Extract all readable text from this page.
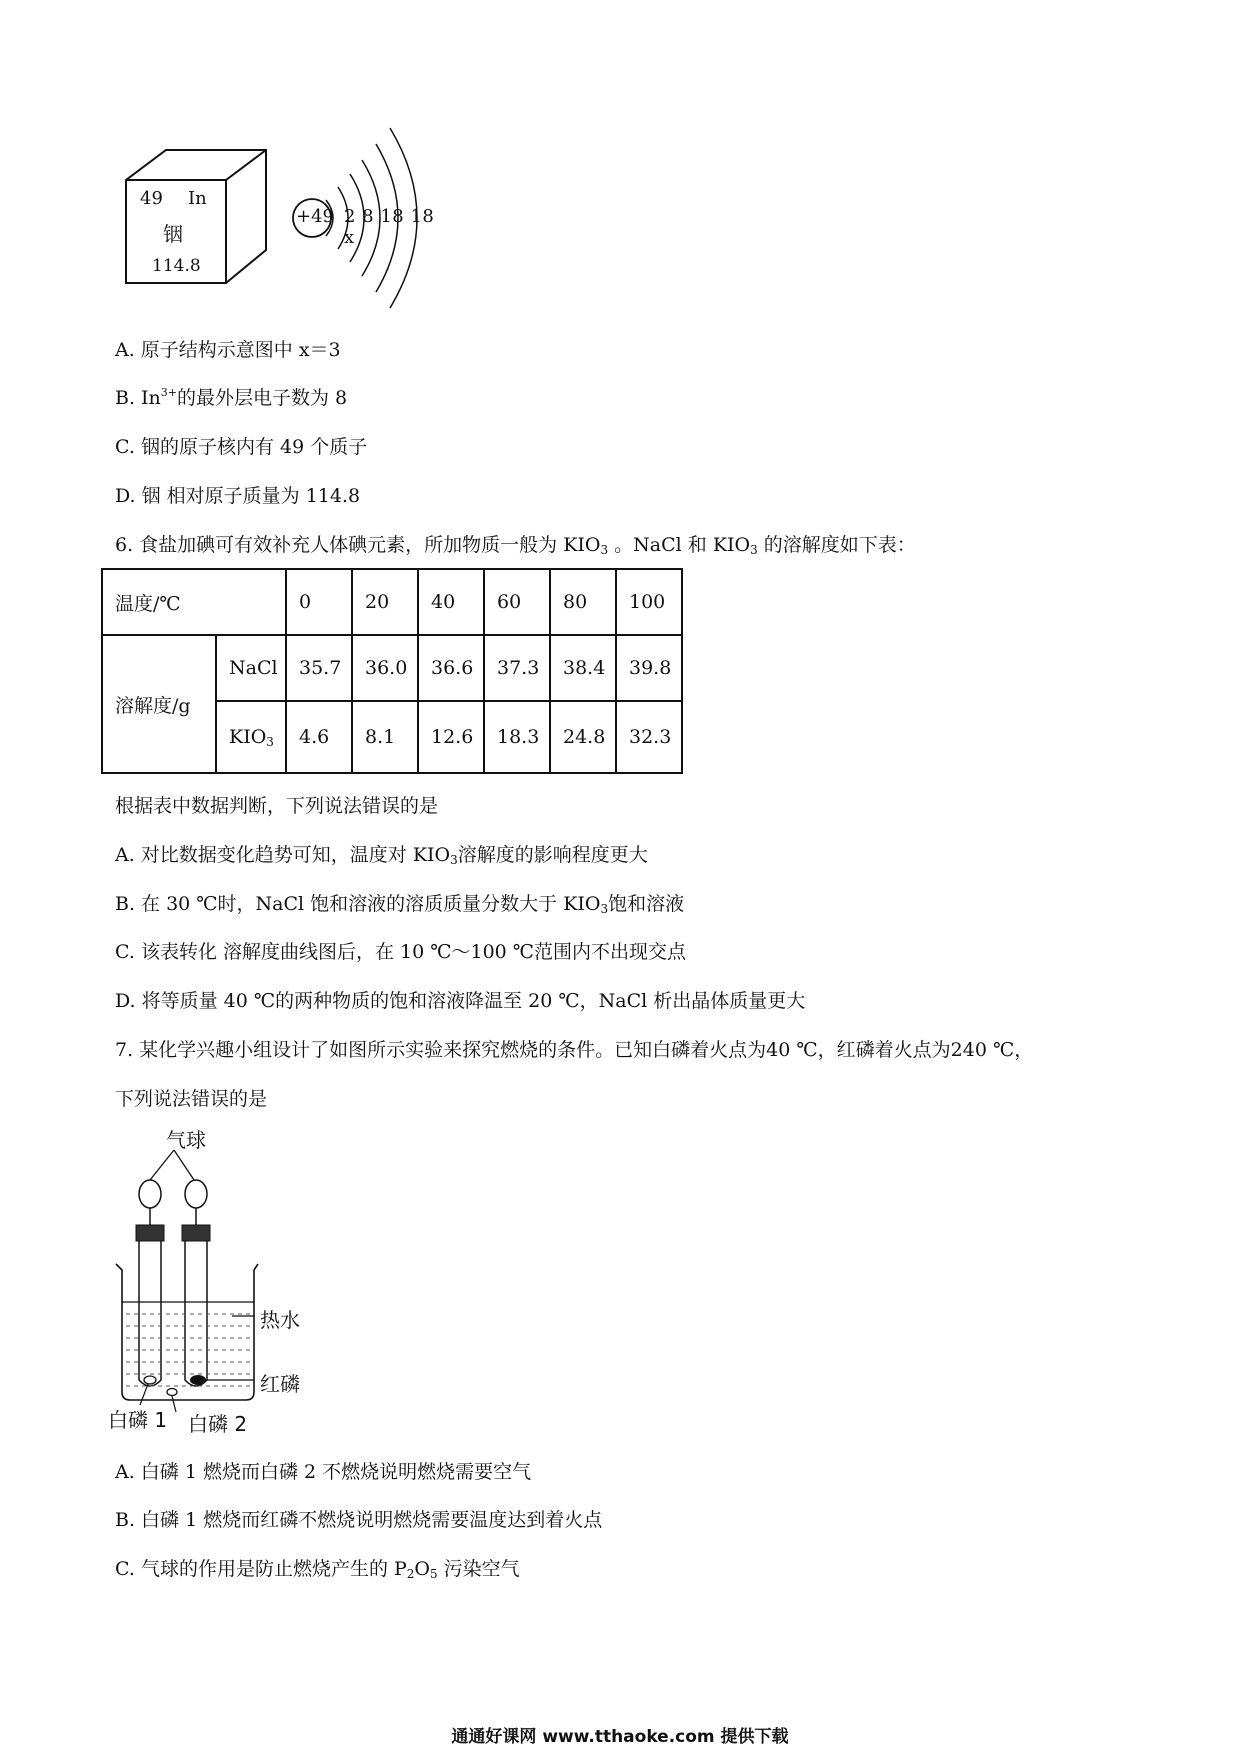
49 In
铟
114.8
+49 2 8 18 18 x
A. 原子结构示意图中 x＝3
B. $In^{3+}$的最外层电子数为 8
C. 铟的原子核内有 49 个质子
D. 铟 相对原子质量为 114.8
6. 食盐加碘可有效补充人体碘元素，所加物质一般为 $KIO_3$ 。NaCl 和 $KIO_3$ 的溶解度如下表：
温度/℃		0	20	40	60	80	100
溶解度/g	NaCl	35.7	36.0	36.6	37.3	38.4	39.8
	$KIO_3$	4.6	8.1	12.6	18.3	24.8	32.3
根据表中数据判断，下列说法错误的是
A. 对比数据变化趋势可知，温度对 $KIO_3$溶解度的影响程度更大
B. 在 30 ℃时，NaCl 饱和溶液的溶质质量分数大于 $KIO_3$饱和溶液
C. 该表转化 溶解度曲线图后，在 10 ℃～100 ℃范围内不出现交点
D. 将等质量 40 ℃的两种物质的饱和溶液降温至 20 ℃，NaCl 析出晶体质量更大
7. 某化学兴趣小组设计了如图所示实验来探究燃烧的条件。已知白磷着火点为40 ℃，红磷着火点为240 ℃，
下列说法错误的是
气球
热水
红磷
白磷 1 白磷 2
A. 白磷 1 燃烧而白磷 2 不燃烧说明燃烧需要空气
B. 白磷 1 燃烧而红磷不燃烧说明燃烧需要温度达到着火点
C. 气球的作用是防止燃烧产生的 $P_2O_5$ 污染空气
通通好课网 www.tthaoke.com 提供下载
